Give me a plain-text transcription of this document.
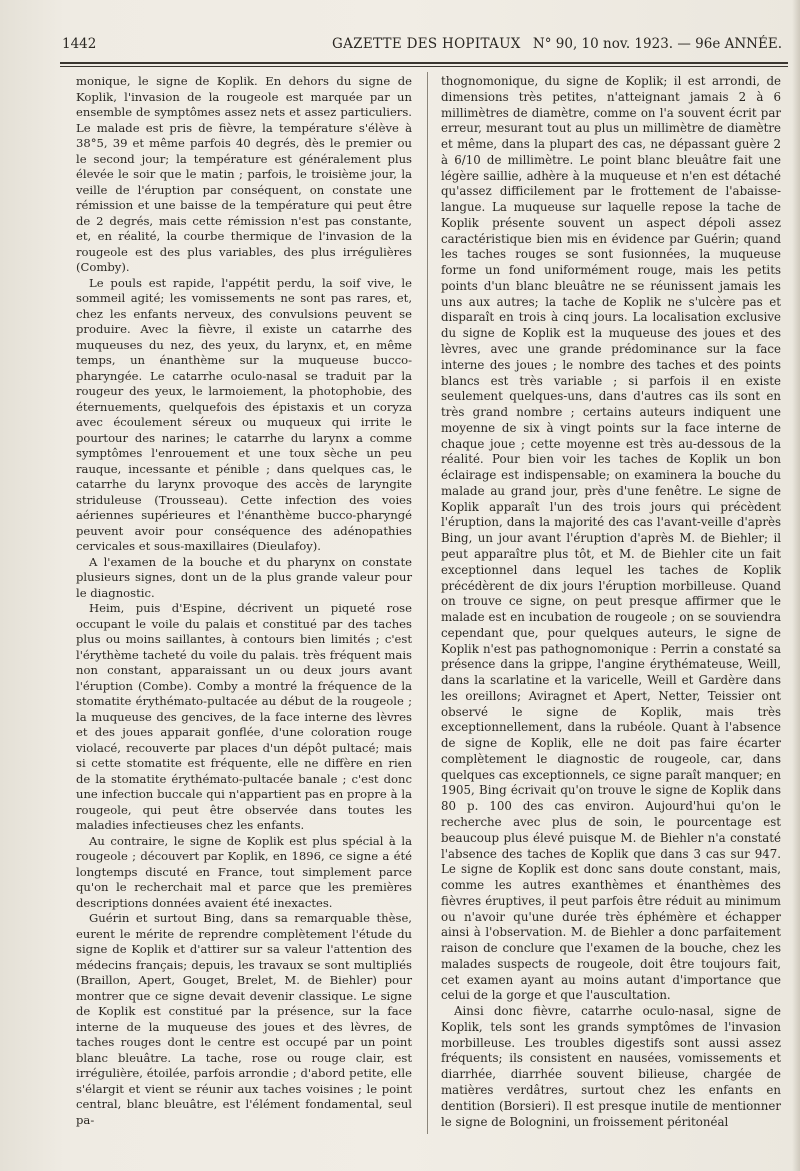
1442	GAZETTE DES HOPITAUX N° 90, 10 nov. 1923. — 96e ANNÉE.

monique, le signe de Koplik. En dehors du signe de Koplik, l'invasion de la rougeole est marquée par un ensemble de symptômes assez nets et assez particuliers. Le malade est pris de fièvre, la température s'élève à 38°5, 39 et même parfois 40 degrés, dès le premier ou le second jour; la température est généralement plus élevée le soir que le matin ; parfois, le troisième jour, la veille de l'éruption par conséquent, on constate une rémission et une baisse de la température qui peut être de 2 degrés, mais cette rémission n'est pas constante, et, en réalité, la courbe thermique de l'invasion de la rougeole est des plus variables, des plus irrégulières (Comby).

Le pouls est rapide, l'appétit perdu, la soif vive, le sommeil agité; les vomissements ne sont pas rares, et, chez les enfants nerveux, des convulsions peuvent se produire. Avec la fièvre, il existe un catarrhe des muqueuses du nez, des yeux, du larynx, et, en même temps, un énanthème sur la muqueuse bucco-pharyngée. Le catarrhe oculo-nasal se traduit par la rougeur des yeux, le larmoiement, la photophobie, des éternuements, quelquefois des épistaxis et un coryza avec écoulement séreux ou muqueux qui irrite le pourtour des narines; le catarrhe du larynx a comme symptômes l'enrouement et une toux sèche un peu rauque, incessante et pénible ; dans quelques cas, le catarrhe du larynx provoque des accès de laryngite striduleuse (Trousseau). Cette infection des voies aériennes supérieures et l'énanthème bucco-pharyngé peuvent avoir pour conséquence des adénopathies cervicales et sous-maxillaires (Dieulafoy).

A l'examen de la bouche et du pharynx on constate plusieurs signes, dont un de la plus grande valeur pour le diagnostic.

Heim, puis d'Espine, décrivent un piqueté rose occupant le voile du palais et constitué par des taches plus ou moins saillantes, à contours bien limités ; c'est l'érythème tacheté du voile du palais. très fréquent mais non constant, apparaissant un ou deux jours avant l'éruption (Combe). Comby a montré la fréquence de la stomatite érythémato-pultacée au début de la rougeole ; la muqueuse des gencives, de la face interne des lèvres et des joues apparait gonflée, d'une coloration rouge violacé, recouverte par places d'un dépôt pultacé; mais si cette stomatite est fréquente, elle ne diffère en rien de la stomatite érythémato-pultacée banale ; c'est donc une infection buccale qui n'appartient pas en propre à la rougeole, qui peut être observée dans toutes les maladies infectieuses chez les enfants.

Au contraire, le signe de Koplik est plus spécial à la rougeole ; découvert par Koplik, en 1896, ce signe a été longtemps discuté en France, tout simplement parce qu'on le recherchait mal et parce que les premières descriptions données avaient été inexactes.

Guérin et surtout Bing, dans sa remarquable thèse, eurent le mérite de reprendre complètement l'étude du signe de Koplik et d'attirer sur sa valeur l'attention des médecins français; depuis, les travaux se sont multipliés (Braillon, Apert, Gouget, Brelet, M. de Biehler) pour montrer que ce signe devait devenir classique. Le signe de Koplik est constitué par la présence, sur la face interne de la muqueuse des joues et des lèvres, de taches rouges dont le centre est occupé par un point blanc bleuâtre. La tache, rose ou rouge clair, est irrégulière, étoilée, parfois arrondie ; d'abord petite, elle s'élargit et vient se réunir aux taches voisines ; le point central, blanc bleuâtre, est l'élément fondamental, seul pa-

thognomonique, du signe de Koplik; il est arrondi, de dimensions très petites, n'atteignant jamais 2 à 6 millimètres de diamètre, comme on l'a souvent écrit par erreur, mesurant tout au plus un millimètre de diamètre et même, dans la plupart des cas, ne dépassant guère 2 à 6/10 de millimètre. Le point blanc bleuâtre fait une légère saillie, adhère à la muqueuse et n'en est détaché qu'assez difficilement par le frottement de l'abaisse-langue. La muqueuse sur laquelle repose la tache de Koplik présente souvent un aspect dépoli assez caractéristique bien mis en évidence par Guérin; quand les taches rouges se sont fusionnées, la muqueuse forme un fond uniformément rouge, mais les petits points d'un blanc bleuâtre ne se réunissent jamais les uns aux autres; la tache de Koplik ne s'ulcère pas et disparaît en trois à cinq jours. La localisation exclusive du signe de Koplik est la muqueuse des joues et des lèvres, avec une grande prédominance sur la face interne des joues ; le nombre des taches et des points blancs est très variable ; si parfois il en existe seulement quelques-uns, dans d'autres cas ils sont en très grand nombre ; certains auteurs indiquent une moyenne de six à vingt points sur la face interne de chaque joue ; cette moyenne est très au-dessous de la réalité. Pour bien voir les taches de Koplik un bon éclairage est indispensable; on examinera la bouche du malade au grand jour, près d'une fenêtre. Le signe de Koplik apparaît l'un des trois jours qui précèdent l'éruption, dans la majorité des cas l'avant-veille d'après Bing, un jour avant l'éruption d'après M. de Biehler; il peut apparaître plus tôt, et M. de Biehler cite un fait exceptionnel dans lequel les taches de Koplik précédèrent de dix jours l'éruption morbilleuse. Quand on trouve ce signe, on peut presque affirmer que le malade est en incubation de rougeole ; on se souviendra cependant que, pour quelques auteurs, le signe de Koplik n'est pas pathognomonique : Perrin a constaté sa présence dans la grippe, l'angine érythémateuse, Weill, dans la scarlatine et la varicelle, Weill et Gardère dans les oreillons; Aviragnet et Apert, Netter, Teissier ont observé le signe de Koplik, mais très exceptionnellement, dans la rubéole. Quant à l'absence de signe de Koplik, elle ne doit pas faire écarter complètement le diagnostic de rougeole, car, dans quelques cas exceptionnels, ce signe paraît manquer; en 1905, Bing écrivait qu'on trouve le signe de Koplik dans 80 p. 100 des cas environ. Aujourd'hui qu'on le recherche avec plus de soin, le pourcentage est beaucoup plus élevé puisque M. de Biehler n'a constaté l'absence des taches de Koplik que dans 3 cas sur 947. Le signe de Koplik est donc sans doute constant, mais, comme les autres exanthèmes et énanthèmes des fièvres éruptives, il peut parfois être réduit au minimum ou n'avoir qu'une durée très éphémère et échapper ainsi à l'observation. M. de Biehler a donc parfaitement raison de conclure que l'examen de la bouche, chez les malades suspects de rougeole, doit être toujours fait, cet examen ayant au moins autant d'importance que celui de la gorge et que l'auscultation.

Ainsi donc fièvre, catarrhe oculo-nasal, signe de Koplik, tels sont les grands symptômes de l'invasion morbilleuse. Les troubles digestifs sont aussi assez fréquents; ils consistent en nausées, vomissements et diarrhée, diarrhée souvent bilieuse, chargée de matières verdâtres, surtout chez les enfants en dentition (Borsieri). Il est presque inutile de mentionner le signe de Bolognini, un froissement péritonéal
